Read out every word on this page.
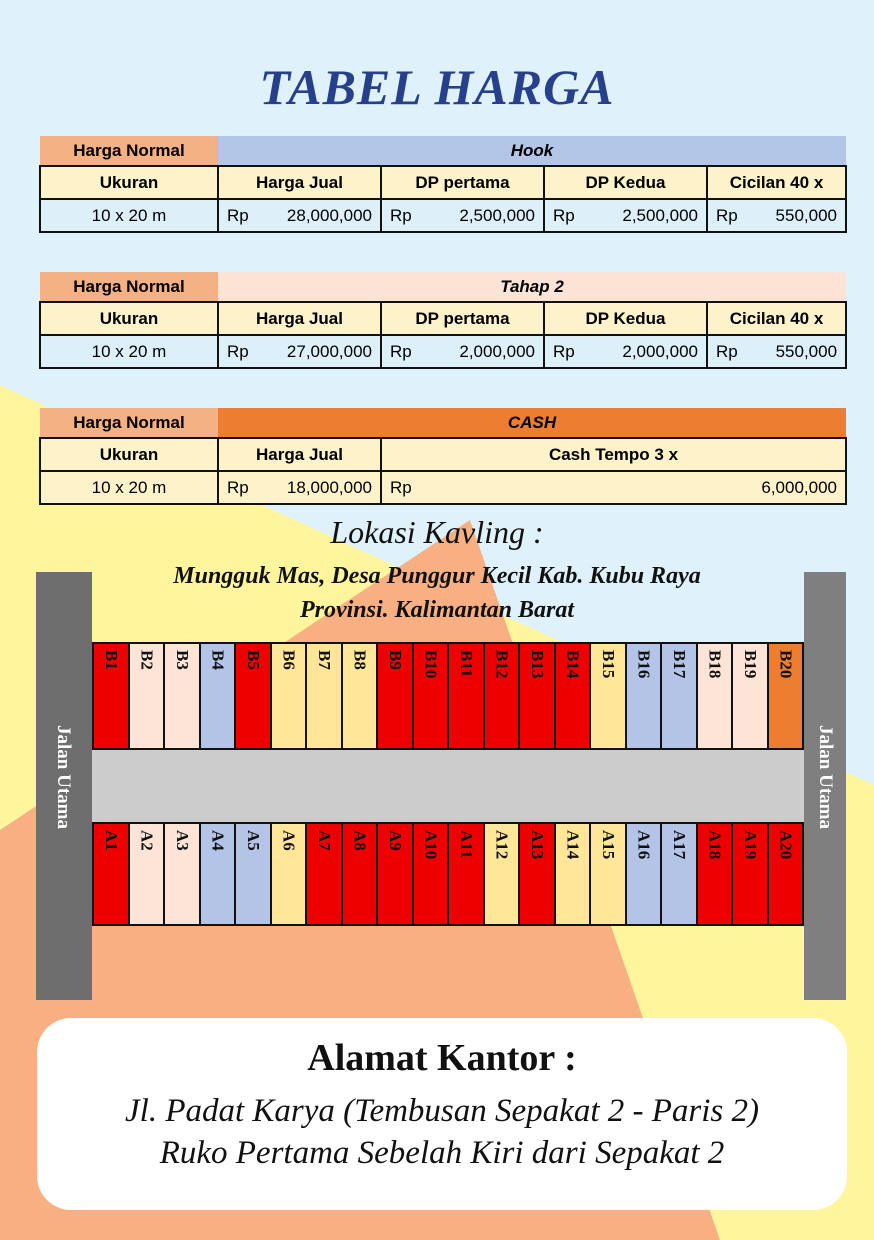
TABEL HARGA
Harga Normal	Hook			
Ukuran	Harga Jual	DP pertama	DP Kedua	Cicilan 40 x
10 x 20 m	Rp 28,000,000	Rp 2,500,000	Rp 2,500,000	Rp 550,000
Harga Normal	Tahap 2			
Ukuran	Harga Jual	DP pertama	DP Kedua	Cicilan 40 x
10 x 20 m	Rp 27,000,000	Rp 2,000,000	Rp 2,000,000	Rp 550,000
Harga Normal	CASH	
Ukuran	Harga Jual	Cash Tempo 3 x
10 x 20 m	Rp 18,000,000	Rp 6,000,000
Lokasi Kavling :
Mungguk Mas, Desa Punggur Kecil Kab. Kubu Raya
Provinsi. Kalimantan Barat
Jalan Utama	Jalan Utama
B1 B2 B3 B4 B5 B6 B7 B8 B9 B10 B11 B12 B13 B14 B15 B16 B17 B18 B19 B20
A1 A2 A3 A4 A5 A6 A7 A8 A9 A10 A11 A12 A13 A14 A15 A16 A17 A18 A19 A20
Alamat Kantor :
Jl. Padat Karya (Tembusan Sepakat 2 - Paris 2)
Ruko Pertama Sebelah Kiri dari Sepakat 2
